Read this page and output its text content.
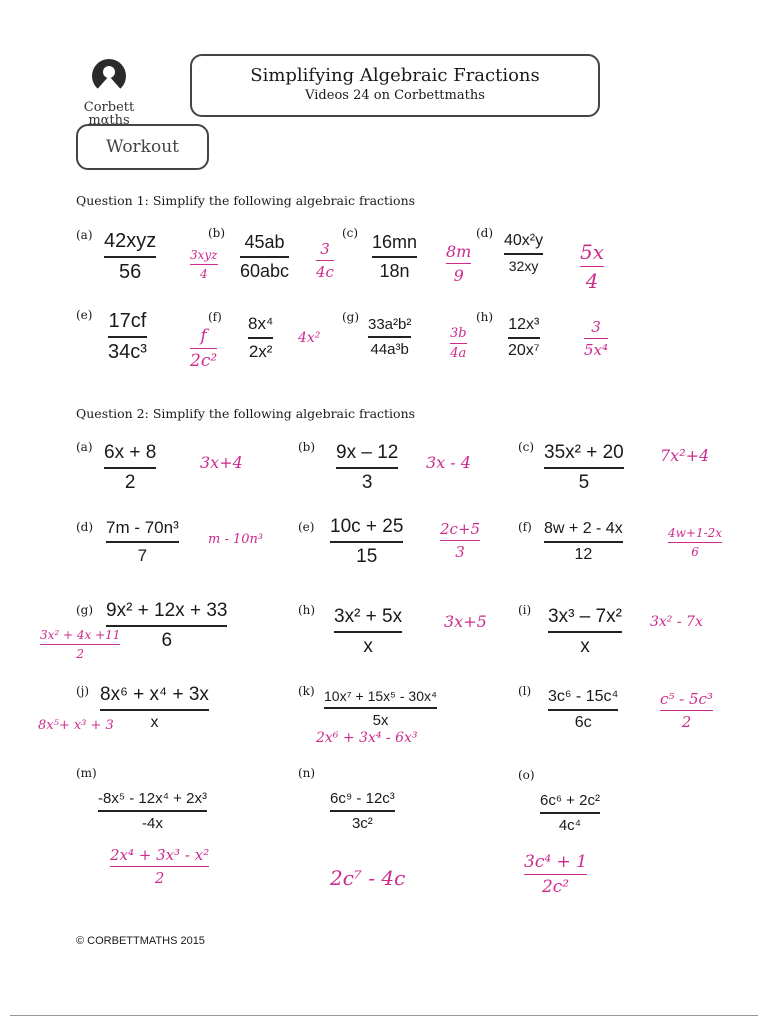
Corbett
mαths
Simplifying Algebraic Fractions
Videos 24 on Corbettmaths
Workout
Question 1: Simplify the following algebraic fractions
(a) 42xyz
56
3xyz
4
(b) 45ab
60abc
3
4c
(c) 16mn
18n
8m
9
(d) 40x²y
32xy
5x
4
(e) 17cf
34c³
f
2c²
(f) 8x⁴
2x²
4x²
(g) 33a²b²
44a³b
3b
4a
(h) 12x³
20x⁷
3
5x⁴
Question 2: Simplify the following algebraic fractions
(a) 6x + 8
2
3x+4
(b) 9x – 12
3
3x - 4
(c) 35x² + 20
5
7x²+4
(d) 7m - 70n³
7
m - 10n³
(e) 10c + 25
15
2c+5
3
(f) 8w + 2 - 4x
12
4w+1-2x
6
(g) 9x² + 12x + 33
6
3x² + 4x +11
2
(h) 3x² + 5x
x
3x+5
(i) 3x³ – 7x²
x
3x² - 7x
(j) 8x⁶ + x⁴ + 3x
x
8x⁵+ x³ + 3
(k) 10x⁷ + 15x⁵ - 30x⁴
5x
2x⁶ + 3x⁴ - 6x³
(l) 3c⁶ - 15c⁴
6c
c⁵ - 5c³
2
(m)
-8x⁵ - 12x⁴ + 2x³
-4x
2x⁴ + 3x³ - x²
2
(n)
6c⁹ - 12c³
3c²
2c⁷ - 4c
(o)
6c⁶ + 2c²
4c⁴
3c⁴ + 1
2c²
© CORBETTMATHS 2015
